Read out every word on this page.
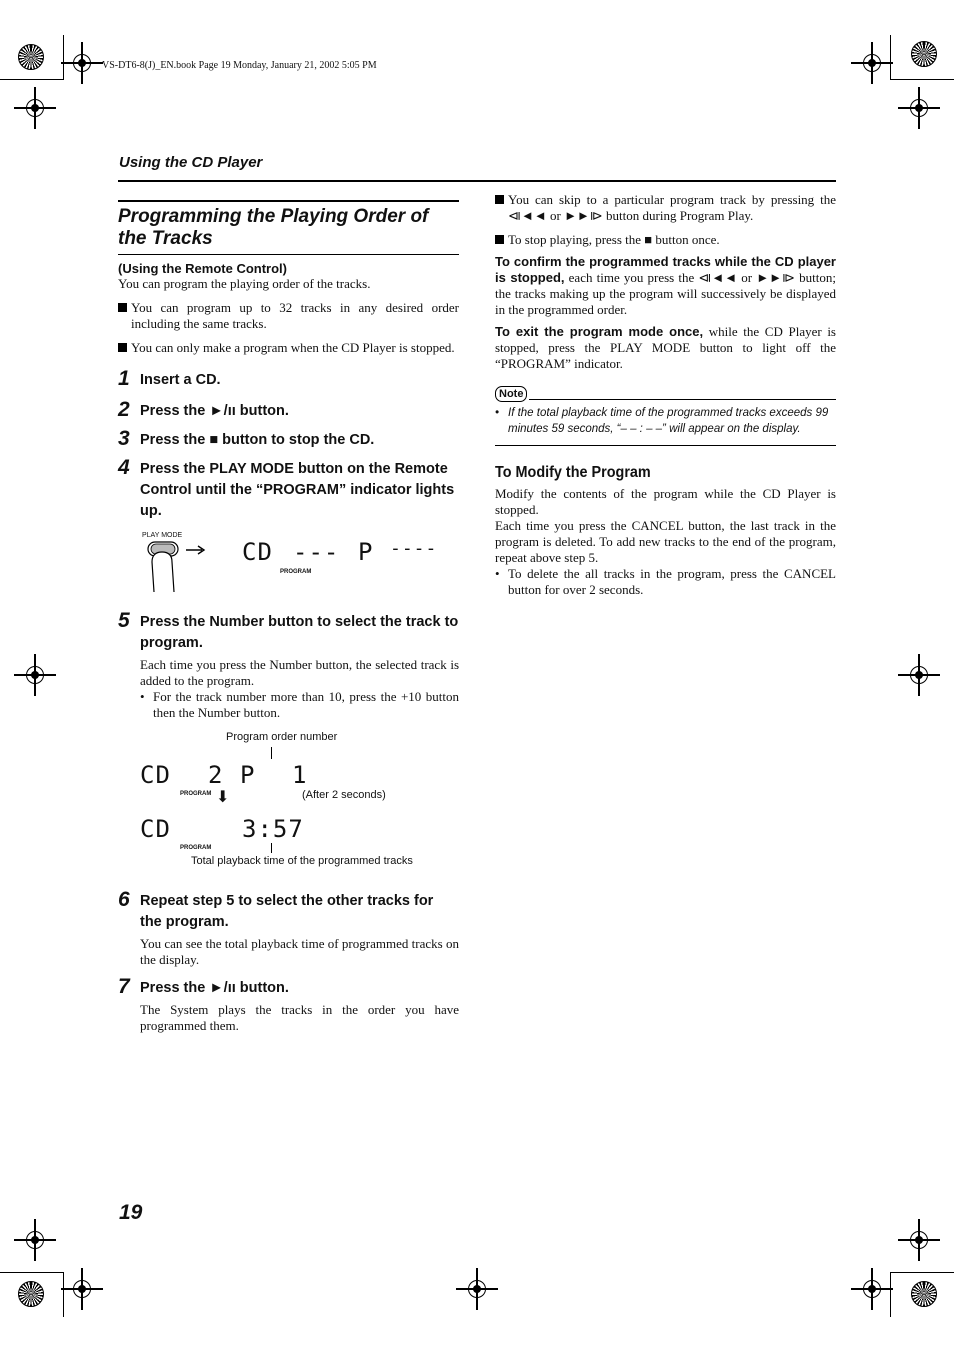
VS-DT6-8(J)_EN.book Page 19 Monday, January 21, 2002 5:05 PM
Using the CD Player
Programming the Playing Order of the Tracks
(Using the Remote Control)

You can program the playing order of the tracks.

You can program up to 32 tracks in any desired order including the same tracks.

You can only make a program when the CD Player is stopped.

1 Insert a CD.
2 Press the ►/ıı button.
3 Press the ■ button to stop the CD.
4 Press the PLAY MODE button on the Remote Control until the “PROGRAM” indicator lights up.
PLAY MODE
CD --- P ----
PROGRAM
5 Press the Number button to select the track to program.

Each time you press the Number button, the selected track is added to the program.

• For the track number more than 10, press the +10 button then the Number button.

Program order number
CD 2 P 1
PROGRAM ⬇	(After 2 seconds)
CD	3:57
PROGRAM
Total playback time of the programmed tracks
6 Repeat step 5 to select the other tracks for the program.

You can see the total playback time of programmed tracks on the display.

7 Press the ►/ıı button.

The System plays the tracks in the order you have programmed them.

You can skip to a particular program track by pressing the ⧏◄◄ or ►►⧐ button during Program Play.

To stop playing, press the ■ button once.

To confirm the programmed tracks while the CD player is stopped, each time you press the ⧏◄◄ or ►►⧐ button; the tracks making up the program will successively be displayed in the programmed order.

To exit the program mode once, while the CD Player is stopped, press the PLAY MODE button to light off the “PROGRAM” indicator.

Note
• If the total playback time of the programmed tracks exceeds 99 minutes 59 seconds, “– – : – –” will appear on the display.
To Modify the Program

Modify the contents of the program while the CD Player is stopped.

Each time you press the CANCEL button, the last track in the program is deleted. To add new tracks to the end of the program, repeat above step 5.

• To delete the all tracks in the program, press the CANCEL button for over 2 seconds.

19
